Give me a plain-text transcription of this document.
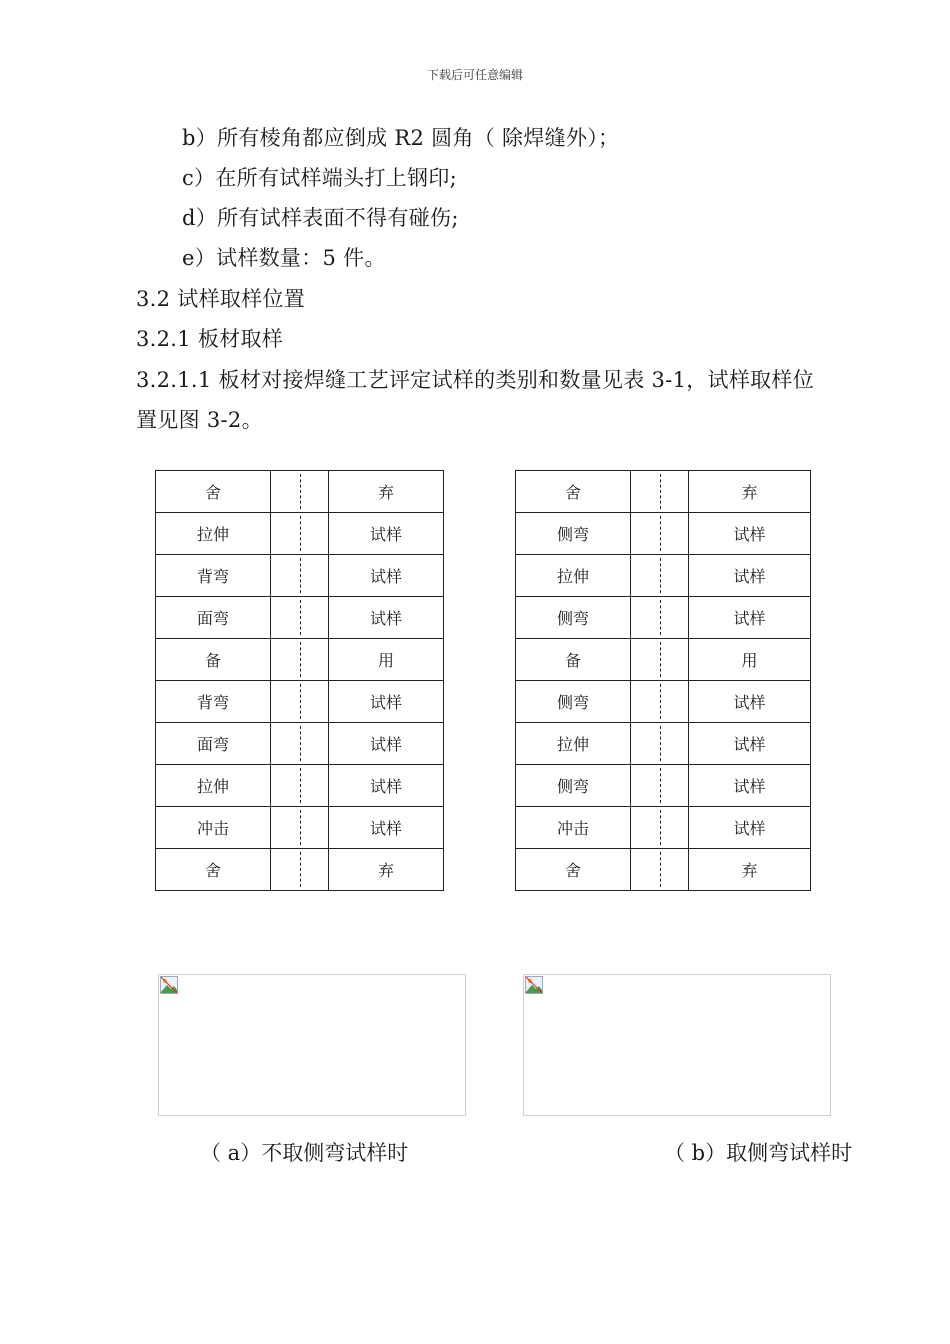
下载后可任意编辑
b）所有棱角都应倒成 R2 圆角（ 除焊缝外）；
c）在所有试样端头打上钢印;
d）所有试样表面不得有碰伤;
e）试样数量：5 件。
3.2 试样取样位置
3.2.1 板材取样
3.2.1.1 板材对接焊缝工艺评定试样的类别和数量见表 3-1，试样取样位
置见图 3-2。
舍		弃
拉伸		试样
背弯		试样
面弯		试样
备		用
背弯		试样
面弯		试样
拉伸		试样
冲击		试样
舍		弃
舍		弃
侧弯		试样
拉伸		试样
侧弯		试样
备		用
侧弯		试样
拉伸		试样
侧弯		试样
冲击		试样
舍		弃
（ a）不取侧弯试样时	（ b）取侧弯试样时
